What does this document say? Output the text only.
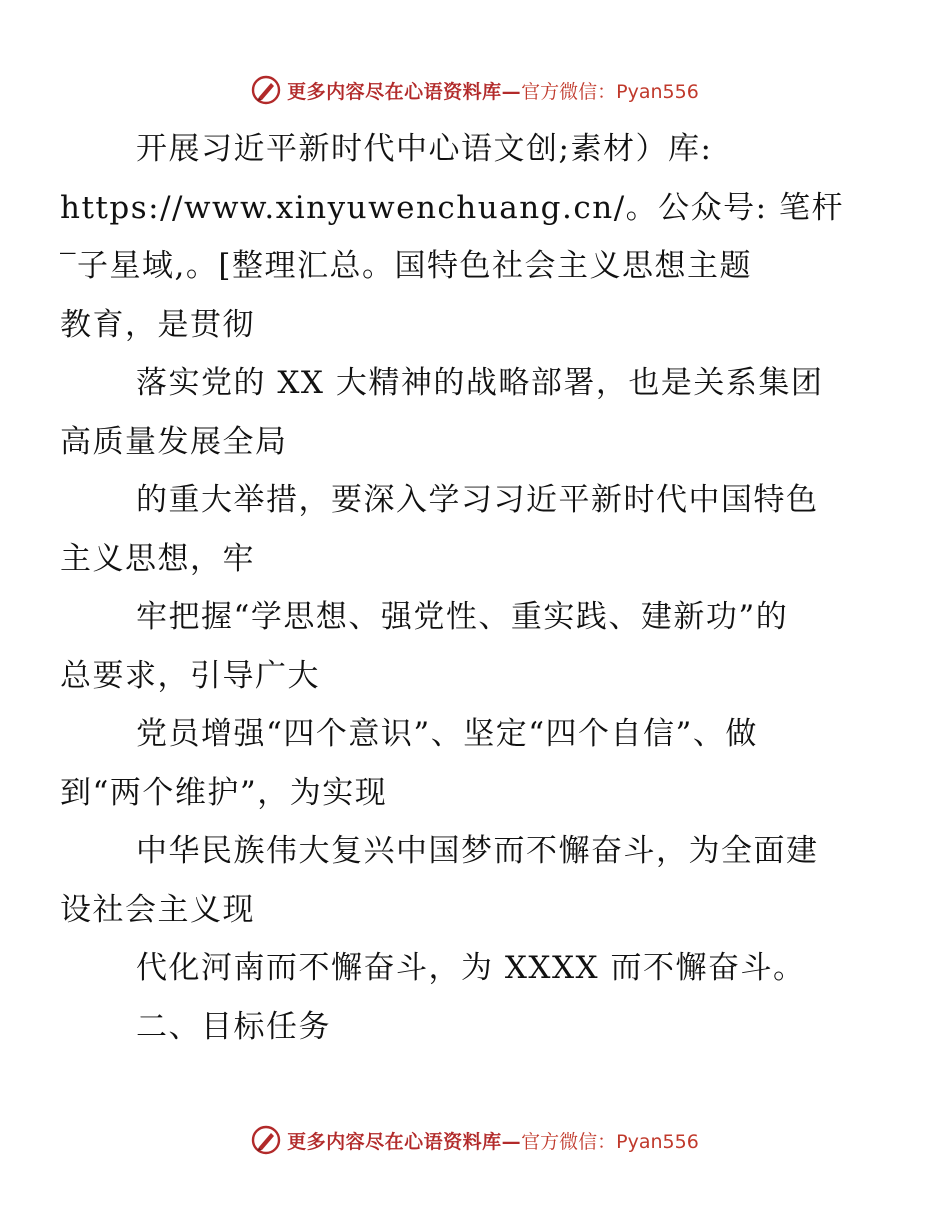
更多内容尽在心语资料库— 官方微信：Pyan556

开展习近平新时代中心语文创;素材）库:
https://www.xinyuwenchuang.cn/。公众号: 笔杆
‾子星域,。[整理汇总。国特色社会主义思想主题
教育，是贯彻

落实党的 XX 大精神的战略部署，也是关系集团
高质量发展全局

的重大举措，要深入学习习近平新时代中国特色
主义思想，牢

牢把握“学思想、强党性、重实践、建新功”的
总要求，引导广大

党员增强“四个意识”、坚定“四个自信”、做
到“两个维护”，为实现

中华民族伟大复兴中国梦而不懈奋斗，为全面建
设社会主义现

代化河南而不懈奋斗，为 XXXX 而不懈奋斗。

二、目标任务

更多内容尽在心语资料库— 官方微信：Pyan556
